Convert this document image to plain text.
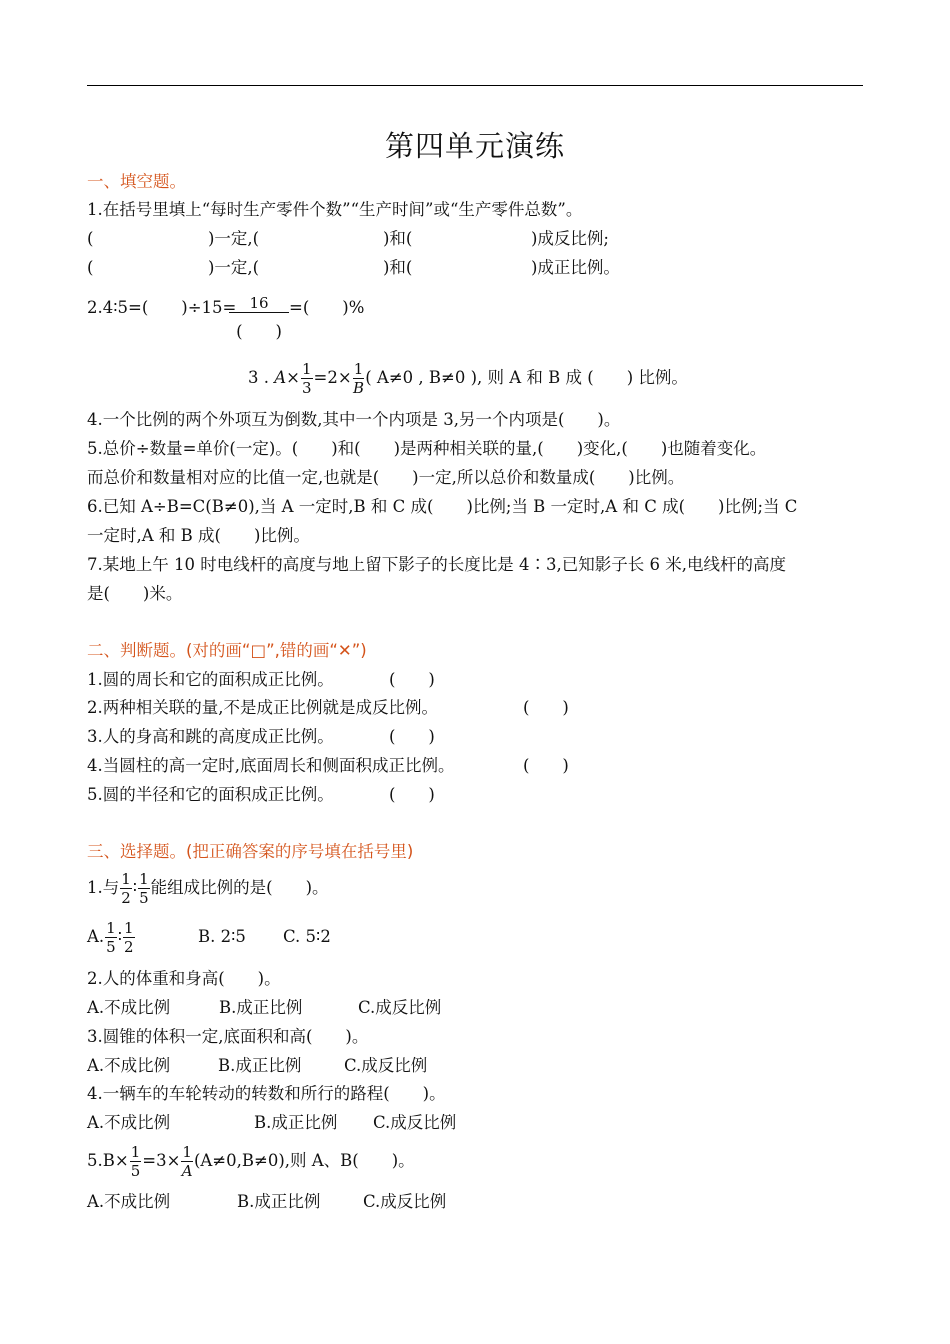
第四单元演练
一、填空题。
1.在括号里填上“每时生产零件个数”“生产时间”或“生产零件总数”。
(	)一定,(	)和(	)成反比例;
(	)一定,(	)和(	)成正比例。
2.4∶5=(　　)÷15= 16
(　　)
=(　　)%
3 . $A\times \frac{1}{3} =2\times \frac{1}{B}$ ( A≠0 , B≠0 ), 则 A 和 B 成 (　　) 比例。
4.一个比例的两个外项互为倒数,其中一个内项是 3,另一个内项是(　　)。
5.总价÷数量=单价(一定)。(　　)和(　　)是两种相关联的量,(　　)变化,(　　)也随着变化。
而总价和数量相对应的比值一定,也就是(　　)一定,所以总价和数量成(　　)比例。
6.已知 A÷B=C(B≠0),当 A 一定时,B 和 C 成(　　)比例;当 B 一定时,A 和 C 成(　　)比例;当 C
一定时,A 和 B 成(　　)比例。
7.某地上午 10 时电线杆的高度与地上留下影子的长度比是 4∶3,已知影子长 6 米,电线杆的高度
是(　　)米。
二、判断题。(对的画“□”,错的画“✕”)
1.圆的周长和它的面积成正比例。	(　　)
2.两种相关联的量,不是成正比例就是成反比例。	(　　)
3.人的身高和跳的高度成正比例。	(　　)
4.当圆柱的高一定时,底面周长和侧面积成正比例。	(　　)
5.圆的半径和它的面积成正比例。	(　　)
三、选择题。(把正确答案的序号填在括号里)
1.与 $\frac{1}{2}$ ∶ $\frac{1}{5}$ 能组成比例的是(　　)。
A. $\frac{1}{5}$ ∶ $\frac{1}{2}$	B. 2∶5 C. 5∶2
2.人的体重和身高(　　)。
A.不成比例	B.成正比例	C.成反比例
3.圆锥的体积一定,底面积和高(　　)。
A.不成比例	B.成正比例	C.成反比例
4.一辆车的车轮转动的转数和所行的路程(　　)。
A.不成比例	B.成正比例 C.成反比例
$5.B\times \frac{1}{5} =3\times \frac{1}{A} (A\ne 0,B\ne 0)$,则 A、B(　　)。
A.不成比例	B.成正比例	C.成反比例
